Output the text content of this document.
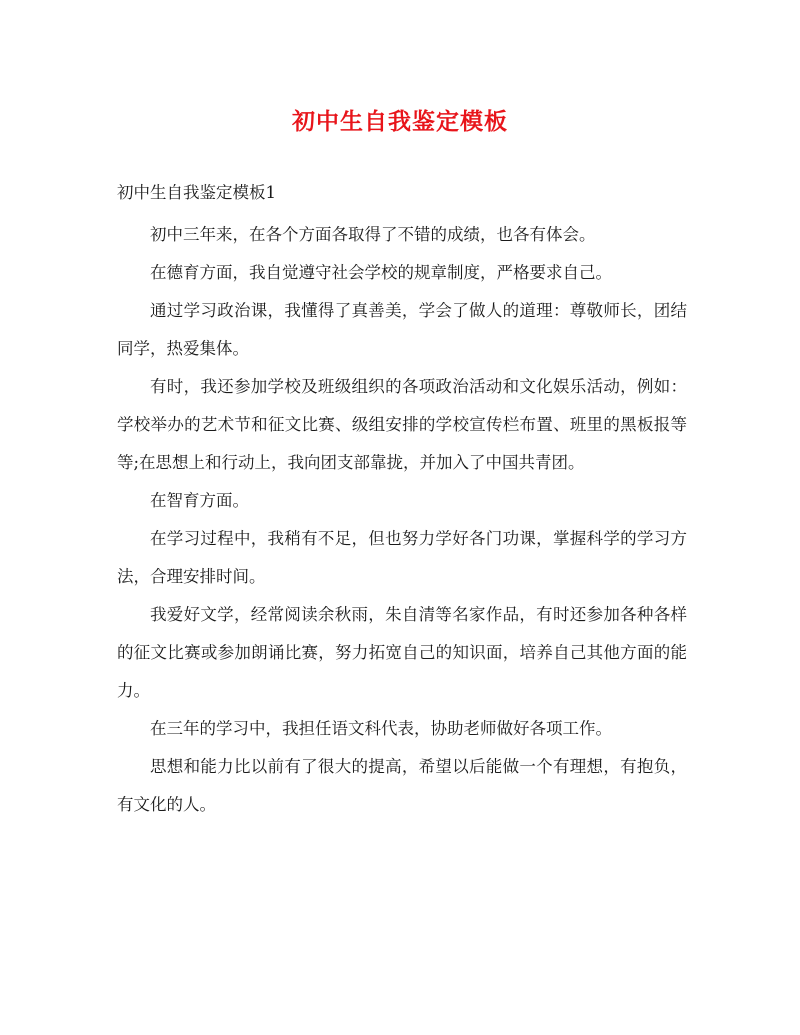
初中生自我鉴定模板
初中生自我鉴定模板1

初中三年来，在各个方面各取得了不错的成绩，也各有体会。

在德育方面，我自觉遵守社会学校的规章制度，严格要求自己。

通过学习政治课，我懂得了真善美，学会了做人的道理：尊敬师长，团结同学，热爱集体。

有时，我还参加学校及班级组织的各项政治活动和文化娱乐活动，例如：学校举办的艺术节和征文比赛、级组安排的学校宣传栏布置、班里的黑板报等等;在思想上和行动上，我向团支部靠拢，并加入了中国共青团。

在智育方面。

在学习过程中，我稍有不足，但也努力学好各门功课，掌握科学的学习方法，合理安排时间。

我爱好文学，经常阅读余秋雨，朱自清等名家作品，有时还参加各种各样的征文比赛或参加朗诵比赛，努力拓宽自己的知识面，培养自己其他方面的能力。

在三年的学习中，我担任语文科代表，协助老师做好各项工作。

思想和能力比以前有了很大的提高，希望以后能做一个有理想，有抱负，有文化的人。
